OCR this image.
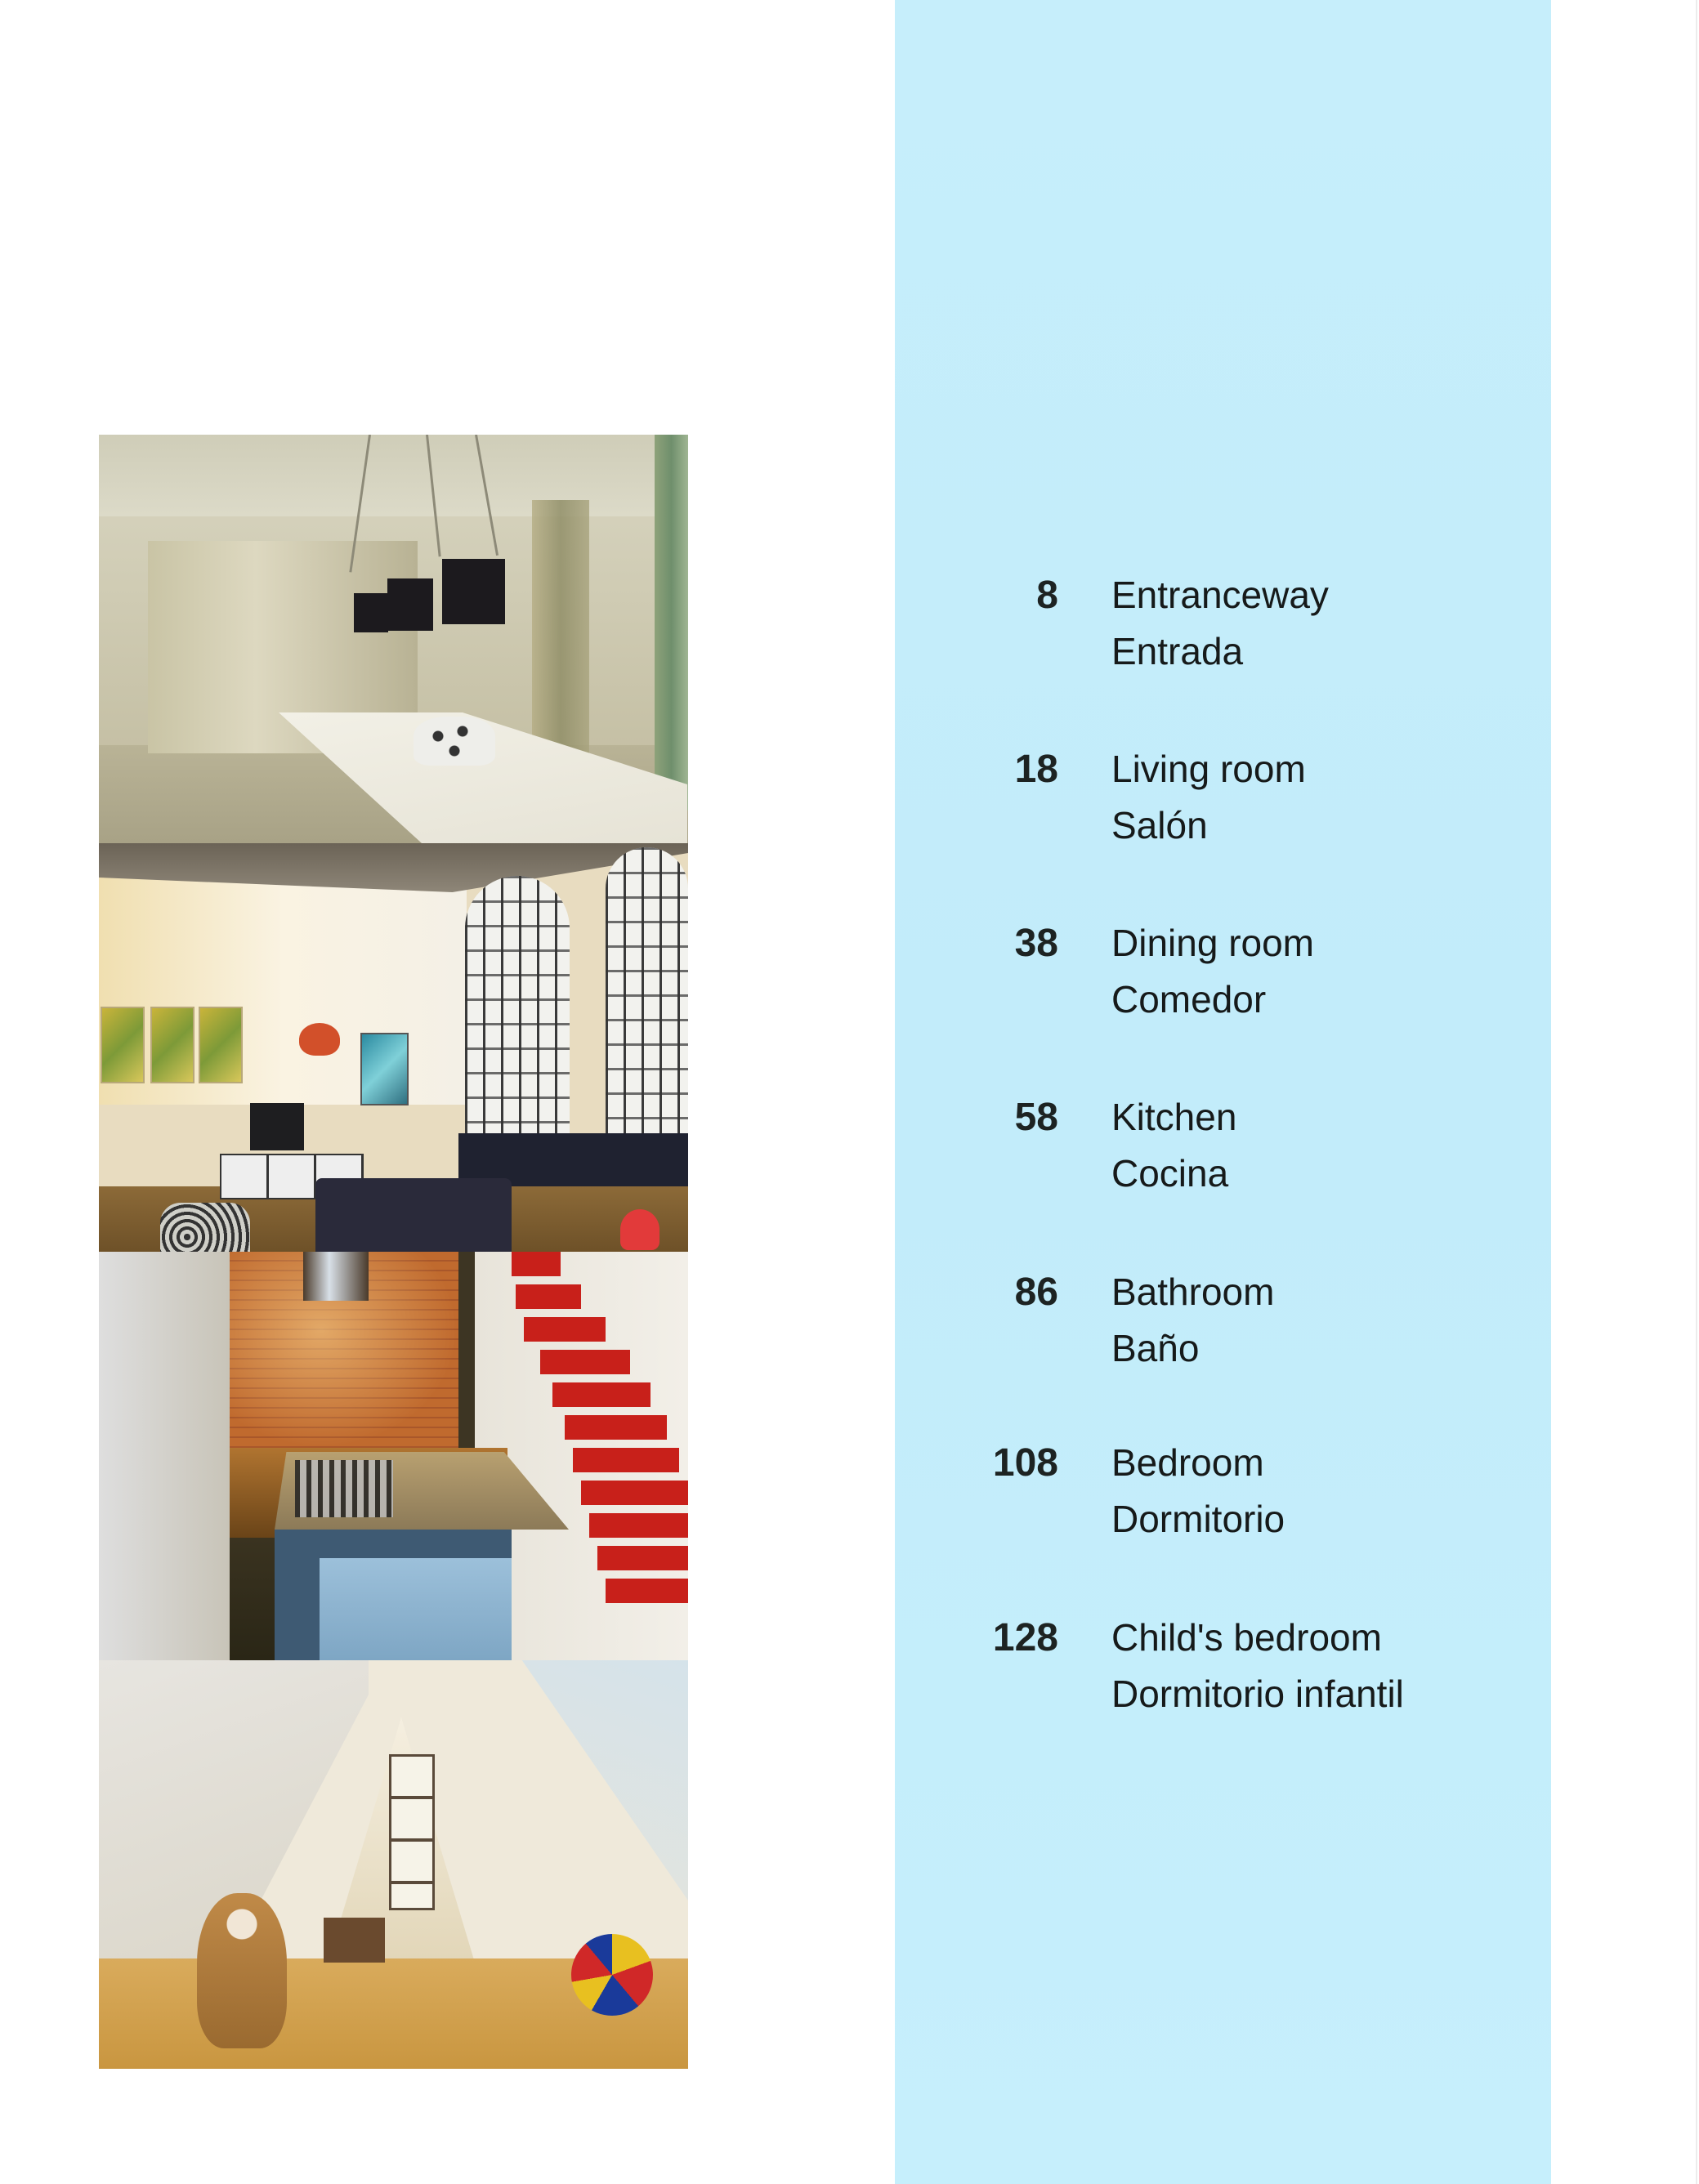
8 Entranceway
Entrada
18 Living room
Salón
38 Dining room
Comedor
58 Kitchen
Cocina
86 Bathroom
Baño
108 Bedroom
Dormitorio
128 Child's bedroom
Dormitorio infantil
